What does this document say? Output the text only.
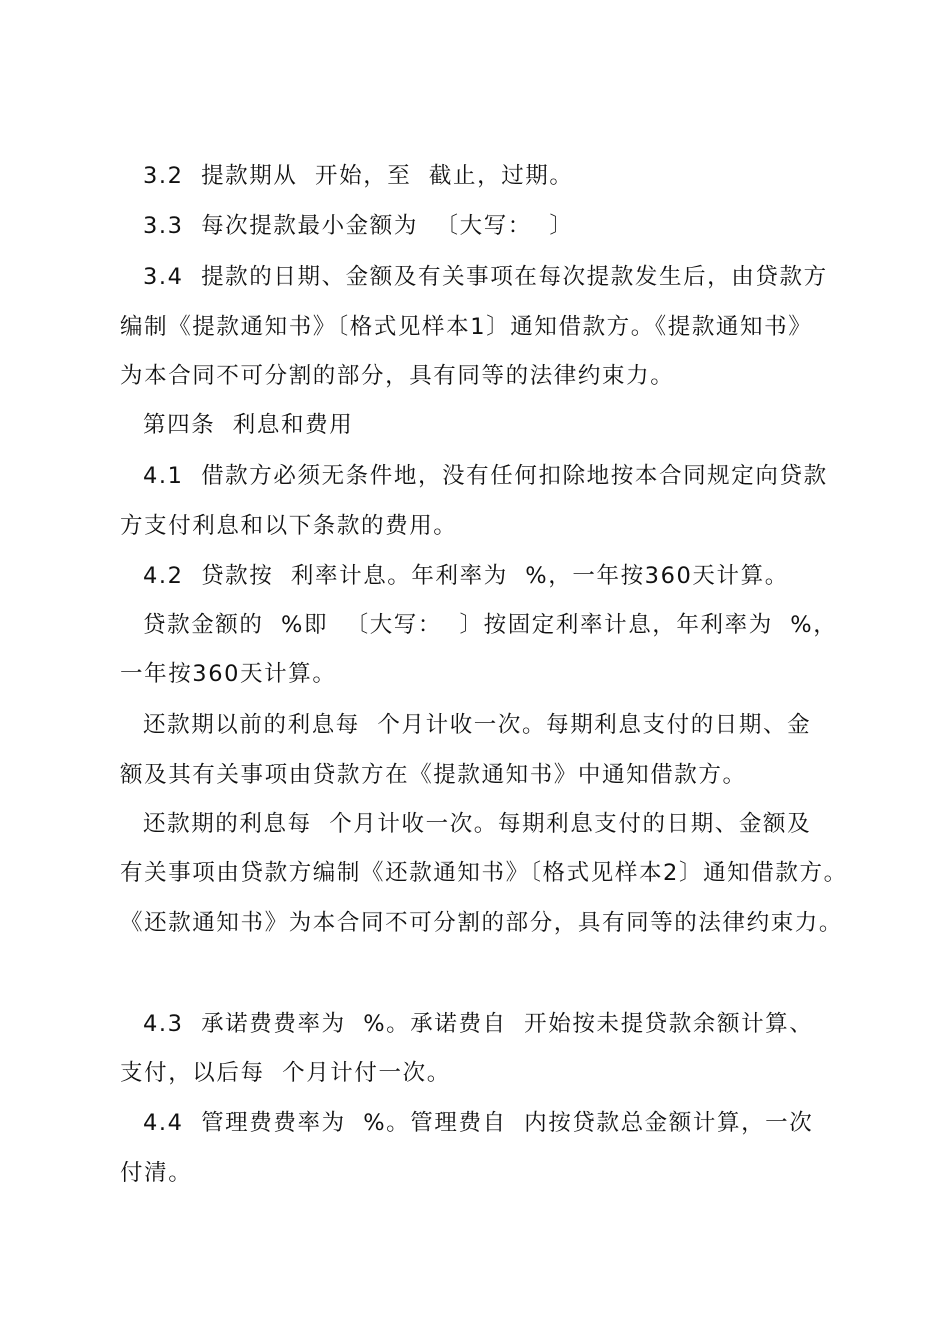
3.2  提款期从  开始，至  截止，过期。
3.3  每次提款最小金额为  〔大写：  〕
3.4  提款的日期、金额及有关事项在每次提款发生后，由贷款方
编制《提款通知书》〔格式见样本1〕通知借款方。《提款通知书》
为本合同不可分割的部分，具有同等的法律约束力。
第四条  利息和费用
4.1  借款方必须无条件地，没有任何扣除地按本合同规定向贷款
方支付利息和以下条款的费用。
4.2  贷款按  利率计息。年利率为  %，一年按360天计算。
贷款金额的  %即  〔大写：  〕按固定利率计息，年利率为  %，
一年按360天计算。
还款期以前的利息每  个月计收一次。每期利息支付的日期、金
额及其有关事项由贷款方在《提款通知书》中通知借款方。
还款期的利息每  个月计收一次。每期利息支付的日期、金额及
有关事项由贷款方编制《还款通知书》〔格式见样本2〕通知借款方。
《还款通知书》为本合同不可分割的部分，具有同等的法律约束力。
4.3  承诺费费率为  %。承诺费自  开始按未提贷款余额计算、
支付，以后每  个月计付一次。
4.4  管理费费率为  %。管理费自  内按贷款总金额计算，一次
付清。
